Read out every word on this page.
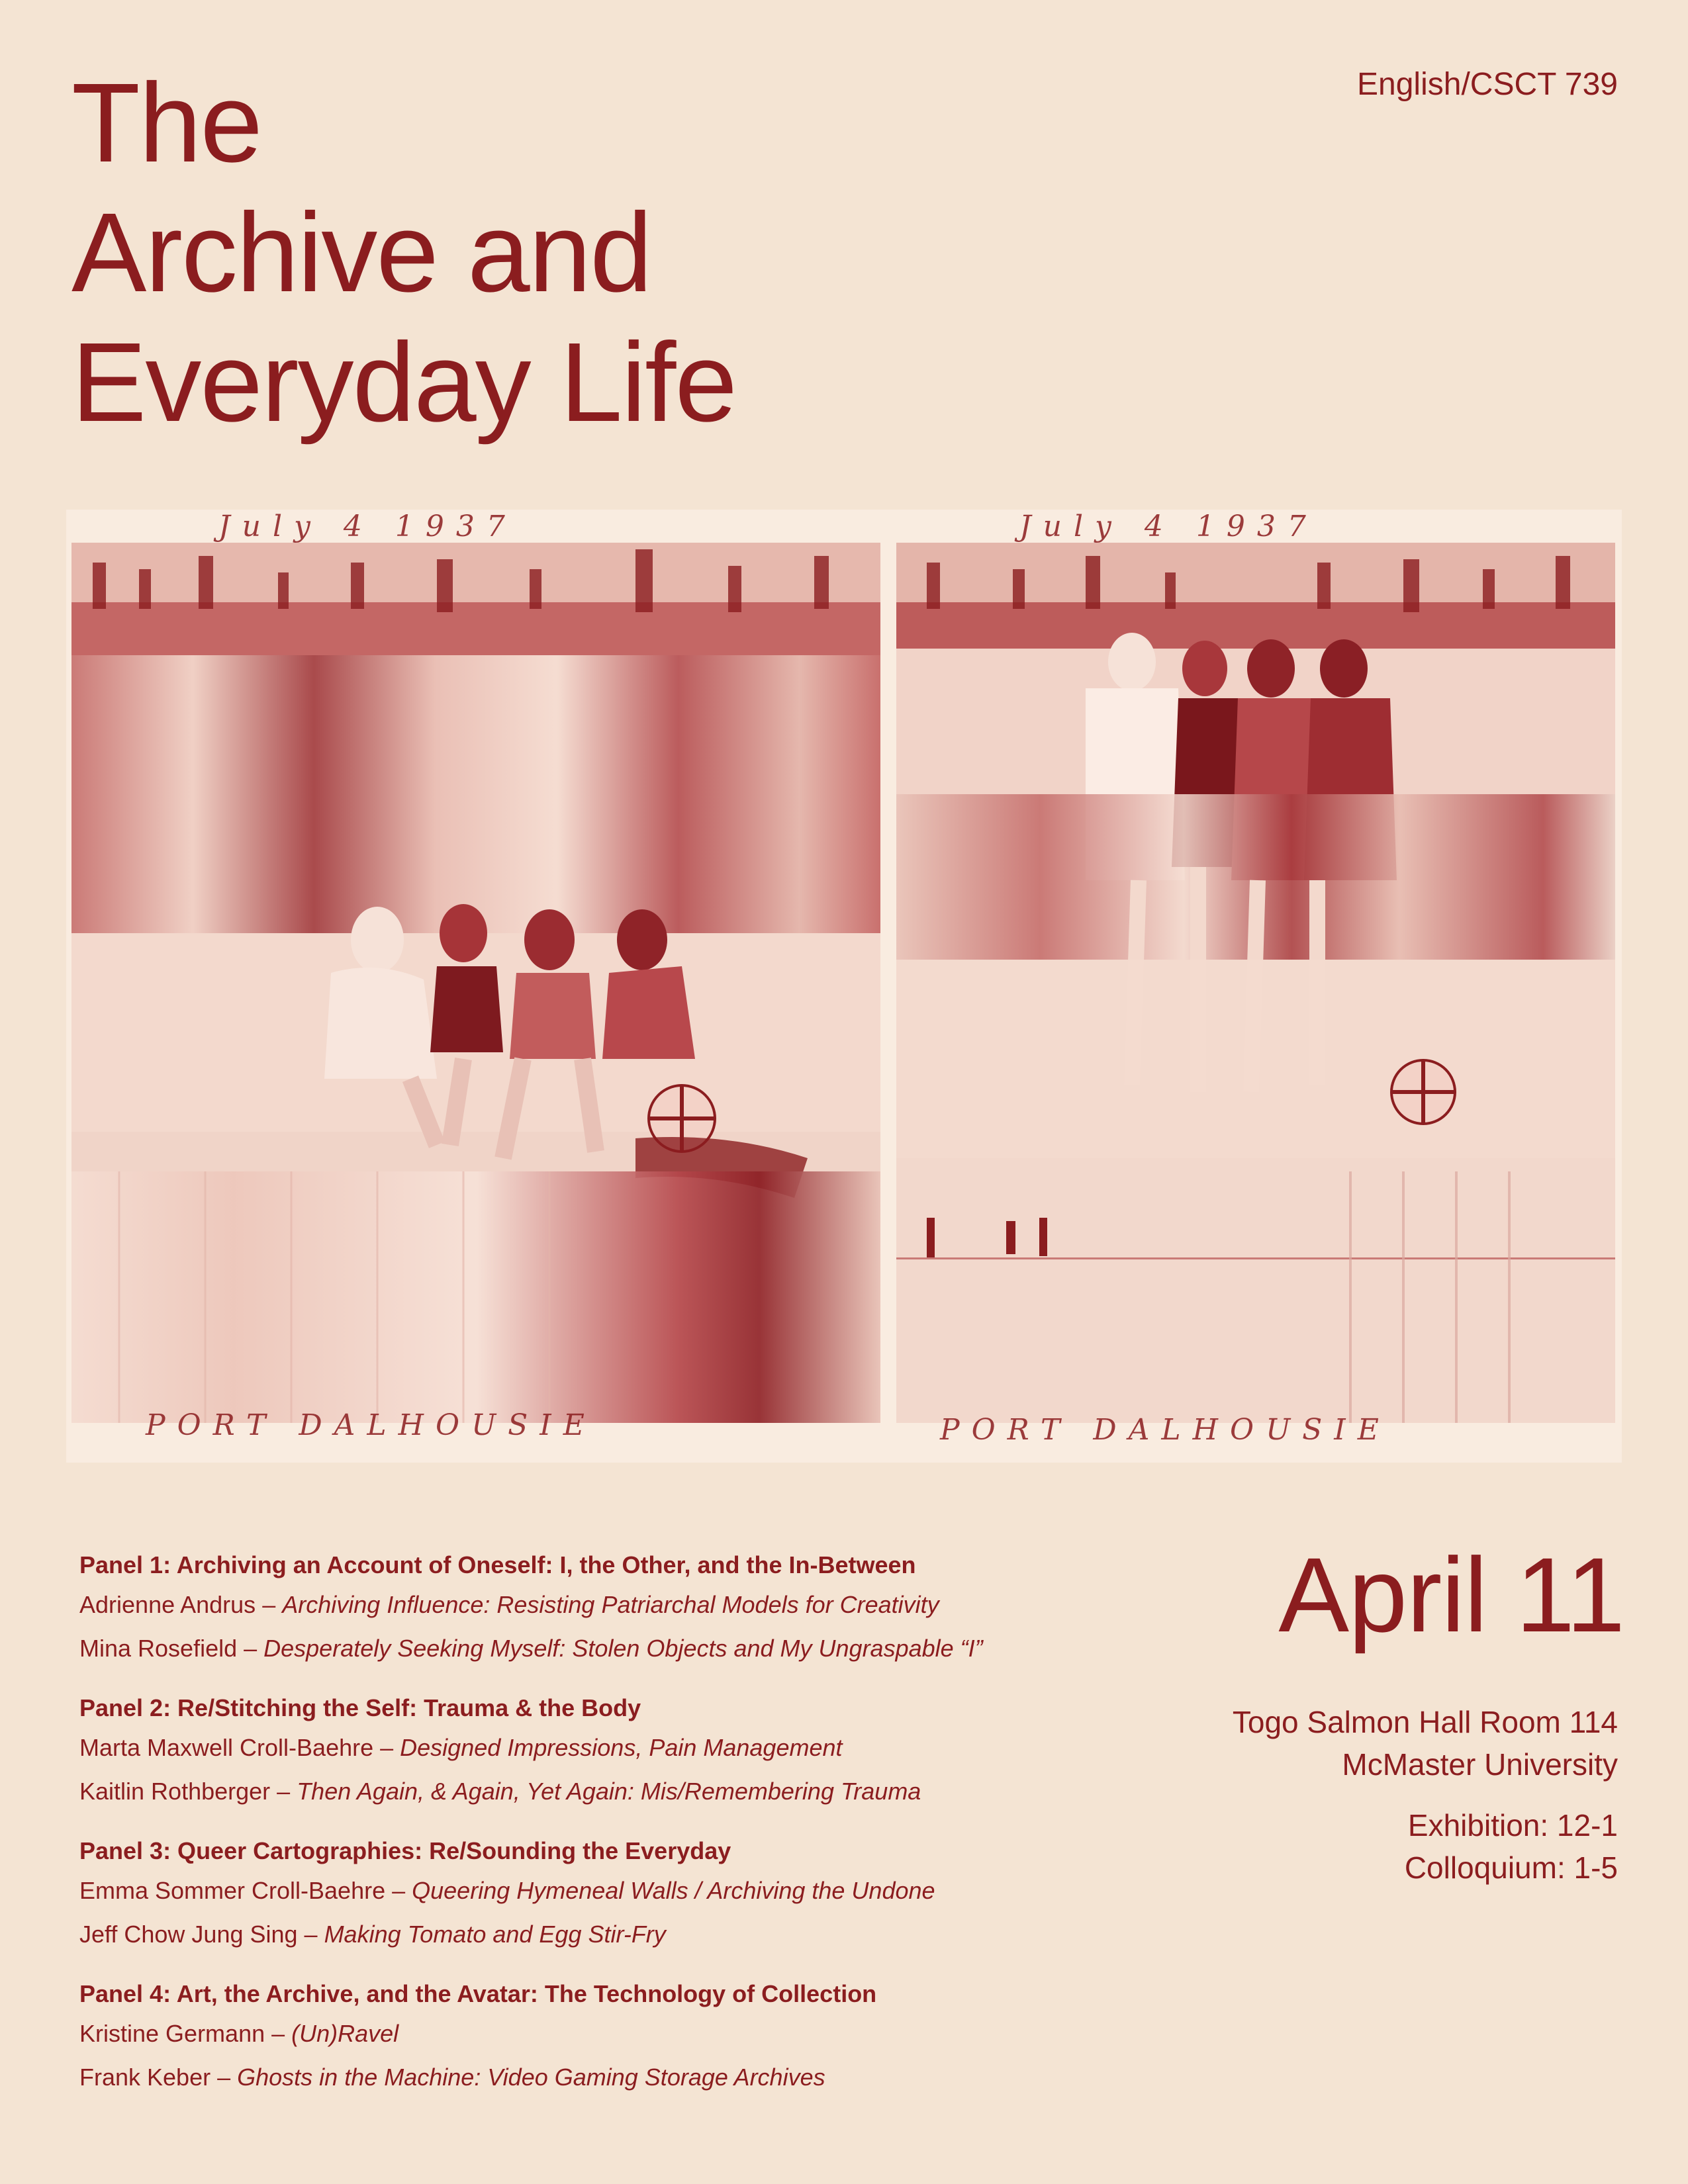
The
Archive and
Everyday Life
English/CSCT 739
July 4 1937
PORT DALHOUSIE
July 4 1937
PORT DALHOUSIE
Panel 1: Archiving an Account of Oneself: I, the Other, and the In-Between
Adrienne Andrus – Archiving Influence: Resisting Patriarchal Models for Creativity
Mina Rosefield – Desperately Seeking Myself: Stolen Objects and My Ungraspable “I”
Panel 2: Re/Stitching the Self: Trauma & the Body
Marta Maxwell Croll-Baehre – Designed Impressions, Pain Management
Kaitlin Rothberger – Then Again, & Again, Yet Again: Mis/Remembering Trauma
Panel 3: Queer Cartographies: Re/Sounding the Everyday
Emma Sommer Croll-Baehre – Queering Hymeneal Walls / Archiving the Undone
Jeff Chow Jung Sing – Making Tomato and Egg Stir-Fry
Panel 4: Art, the Archive, and the Avatar: The Technology of Collection
Kristine Germann – (Un)Ravel
Frank Keber – Ghosts in the Machine: Video Gaming Storage Archives
April 11
Togo Salmon Hall Room 114
McMaster University
Exhibition: 12-1
Colloquium: 1-5
